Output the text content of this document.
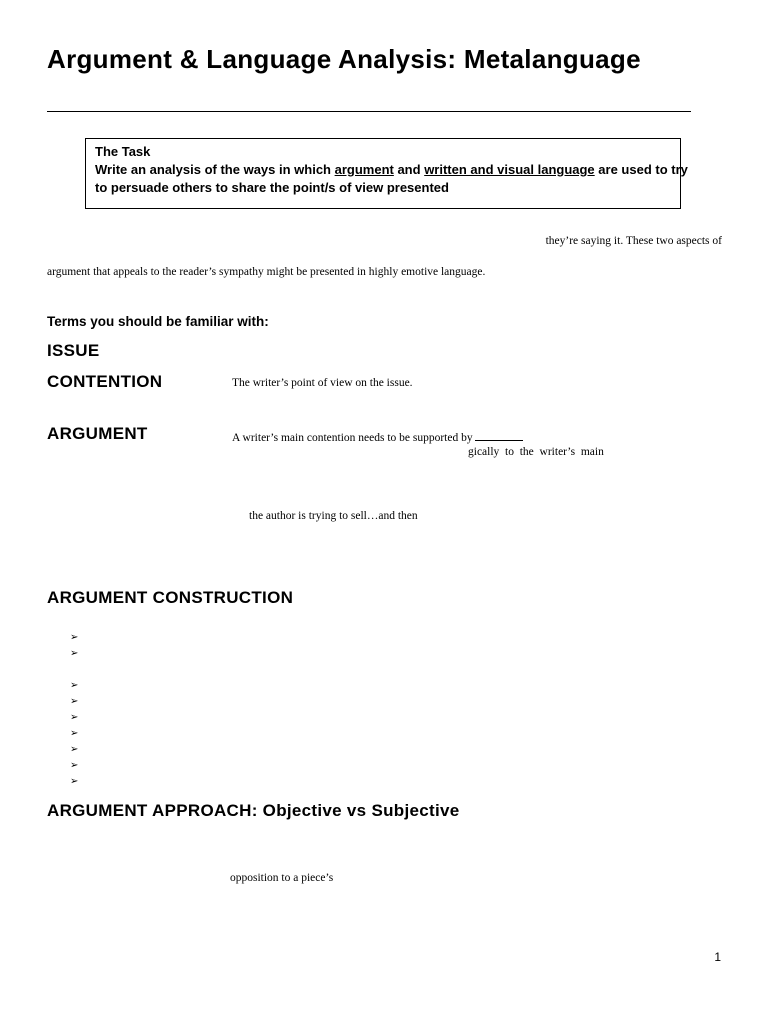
Argument & Language Analysis: Metalanguage
The Task
Write an analysis of the ways in which argument and written and visual language are used to try
to persuade others to share the point/s of view presented
they’re saying it. These two aspects of
argument that appeals to the reader’s sympathy might be presented in highly emotive language.
Terms you should be familiar with:
ISSUE
CONTENTION	The writer’s point of view on the issue.
ARGUMENT	A writer’s main contention needs to be supported by
gically  to  the  writer’s  main
the author is trying to sell…and then
ARGUMENT CONSTRUCTION
➢
➢
➢
➢
➢
➢
➢
➢
➢
ARGUMENT APPROACH: Objective vs Subjective
opposition to a piece’s
1
